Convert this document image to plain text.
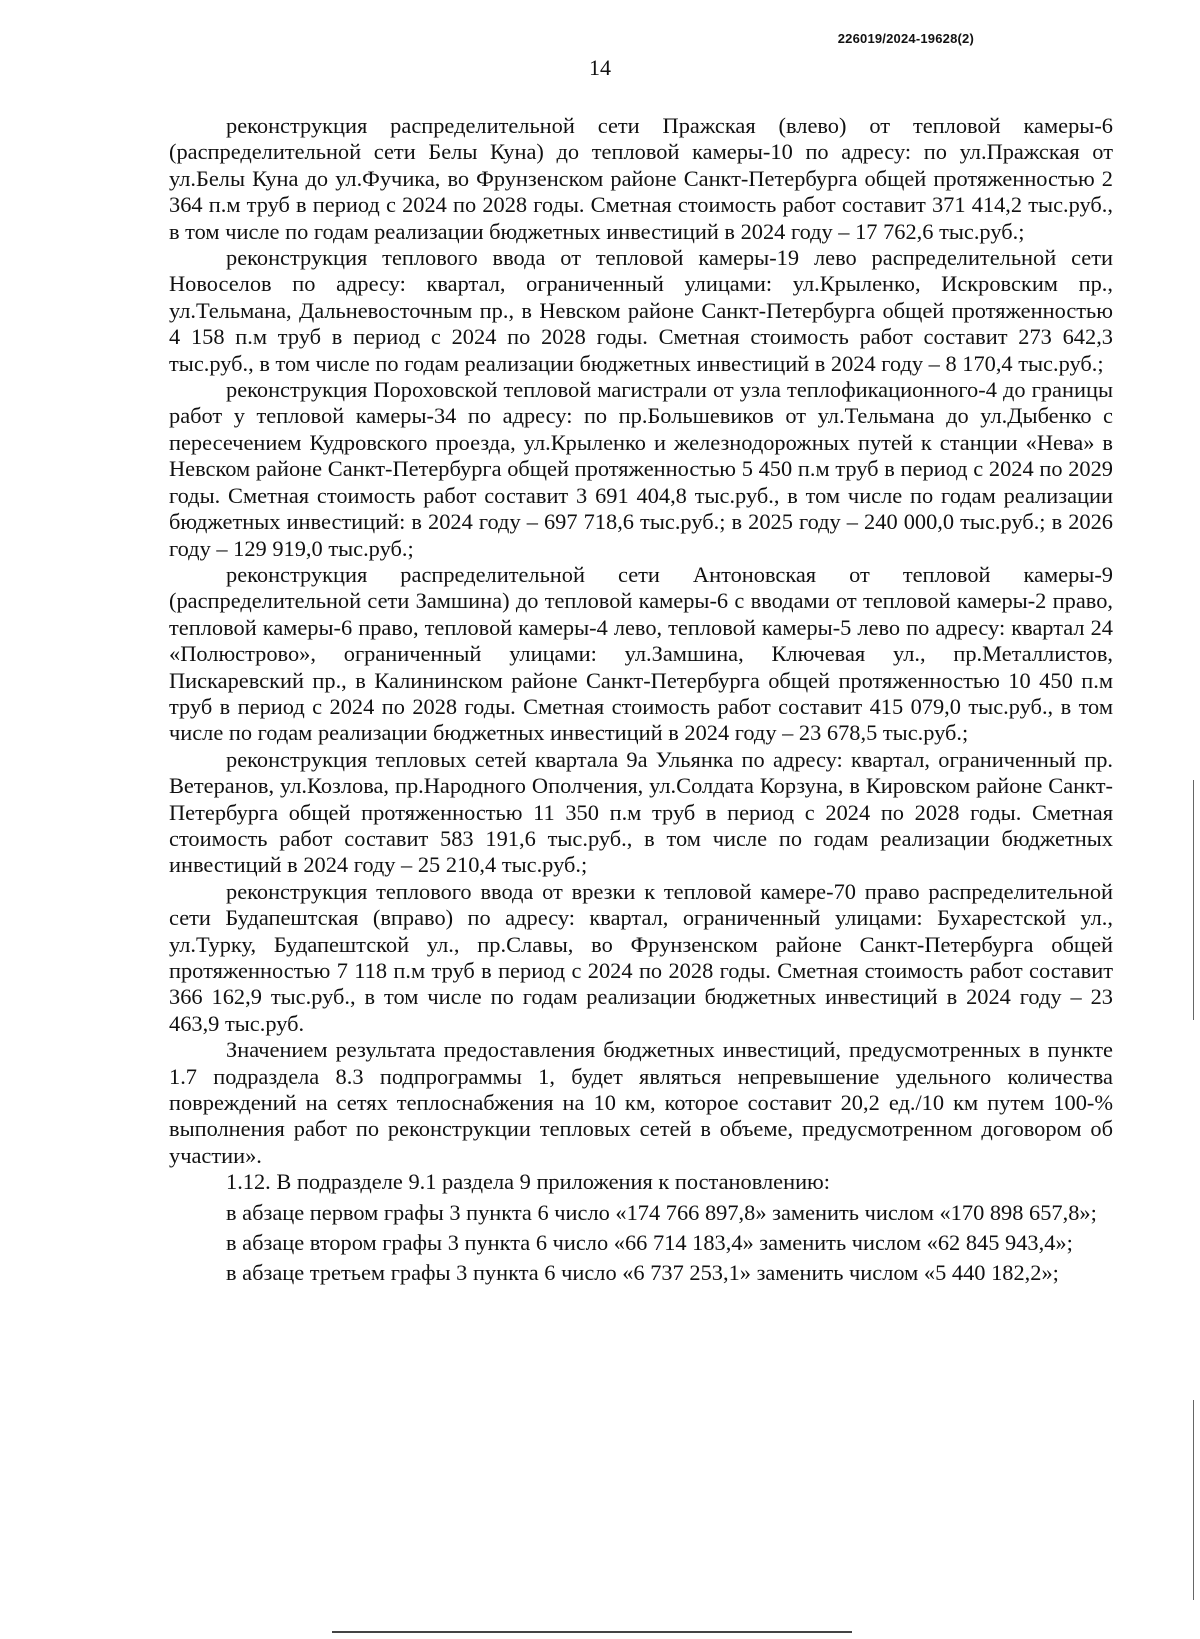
226019/2024-19628(2)
14

реконструкция распределительной сети Пражская (влево) от тепловой камеры-6 (распределительной сети Белы Куна) до тепловой камеры-10 по адресу: по ул.Пражская от ул.Белы Куна до ул.Фучика, во Фрунзенском районе Санкт-Петербурга общей протяженностью 2 364 п.м труб в период с 2024 по 2028 годы. Сметная стоимость работ составит 371 414,2 тыс.руб., в том числе по годам реализации бюджетных инвестиций в 2024 году – 17 762,6 тыс.руб.;

реконструкция теплового ввода от тепловой камеры-19 лево распределительной сети Новоселов по адресу: квартал, ограниченный улицами: ул.Крыленко, Искровским пр., ул.Тельмана, Дальневосточным пр., в Невском районе Санкт-Петербурга общей протяженностью 4 158 п.м труб в период с 2024 по 2028 годы. Сметная стоимость работ составит 273 642,3 тыс.руб., в том числе по годам реализации бюджетных инвестиций в 2024 году – 8 170,4 тыс.руб.;

реконструкция Пороховской тепловой магистрали от узла теплофикационного-4 до границы работ у тепловой камеры-34 по адресу: по пр.Большевиков от ул.Тельмана до ул.Дыбенко с пересечением Кудровского проезда, ул.Крыленко и железнодорожных путей к станции «Нева» в Невском районе Санкт-Петербурга общей протяженностью 5 450 п.м труб в период с 2024 по 2029 годы. Сметная стоимость работ составит 3 691 404,8 тыс.руб., в том числе по годам реализации бюджетных инвестиций: в 2024 году – 697 718,6 тыс.руб.; в 2025 году – 240 000,0 тыс.руб.; в 2026 году – 129 919,0 тыс.руб.;

реконструкция распределительной сети Антоновская от тепловой камеры-9 (распределительной сети Замшина) до тепловой камеры-6 с вводами от тепловой камеры-2 право, тепловой камеры-6 право, тепловой камеры-4 лево, тепловой камеры-5 лево по адресу: квартал 24 «Полюстрово», ограниченный улицами: ул.Замшина, Ключевая ул., пр.Металлистов, Пискаревский пр., в Калининском районе Санкт-Петербурга общей протяженностью 10 450 п.м труб в период с 2024 по 2028 годы. Сметная стоимость работ составит 415 079,0 тыс.руб., в том числе по годам реализации бюджетных инвестиций в 2024 году – 23 678,5 тыс.руб.;

реконструкция тепловых сетей квартала 9а Ульянка по адресу: квартал, ограниченный пр. Ветеранов, ул.Козлова, пр.Народного Ополчения, ул.Солдата Корзуна, в Кировском районе Санкт-Петербурга общей протяженностью 11 350 п.м труб в период с 2024 по 2028 годы. Сметная стоимость работ составит 583 191,6 тыс.руб., в том числе по годам реализации бюджетных инвестиций в 2024 году – 25 210,4 тыс.руб.;

реконструкция теплового ввода от врезки к тепловой камере-70 право распределительной сети Будапештская (вправо) по адресу: квартал, ограниченный улицами: Бухарестской ул., ул.Турку, Будапештской ул., пр.Славы, во Фрунзенском районе Санкт-Петербурга общей протяженностью 7 118 п.м труб в период с 2024 по 2028 годы. Сметная стоимость работ составит 366 162,9 тыс.руб., в том числе по годам реализации бюджетных инвестиций в 2024 году – 23 463,9 тыс.руб.

Значением результата предоставления бюджетных инвестиций, предусмотренных в пункте 1.7 подраздела 8.3 подпрограммы 1, будет являться непревышение удельного количества повреждений на сетях теплоснабжения на 10 км, которое составит 20,2 ед./10 км путем 100-% выполнения работ по реконструкции тепловых сетей в объеме, предусмотренном договором об участии».

1.12. В подразделе 9.1 раздела 9 приложения к постановлению:

в абзаце первом графы 3 пункта 6 число «174 766 897,8» заменить числом «170 898 657,8»;

в абзаце втором графы 3 пункта 6 число «66 714 183,4» заменить числом «62 845 943,4»;

в абзаце третьем графы 3 пункта 6 число «6 737 253,1» заменить числом «5 440 182,2»;
